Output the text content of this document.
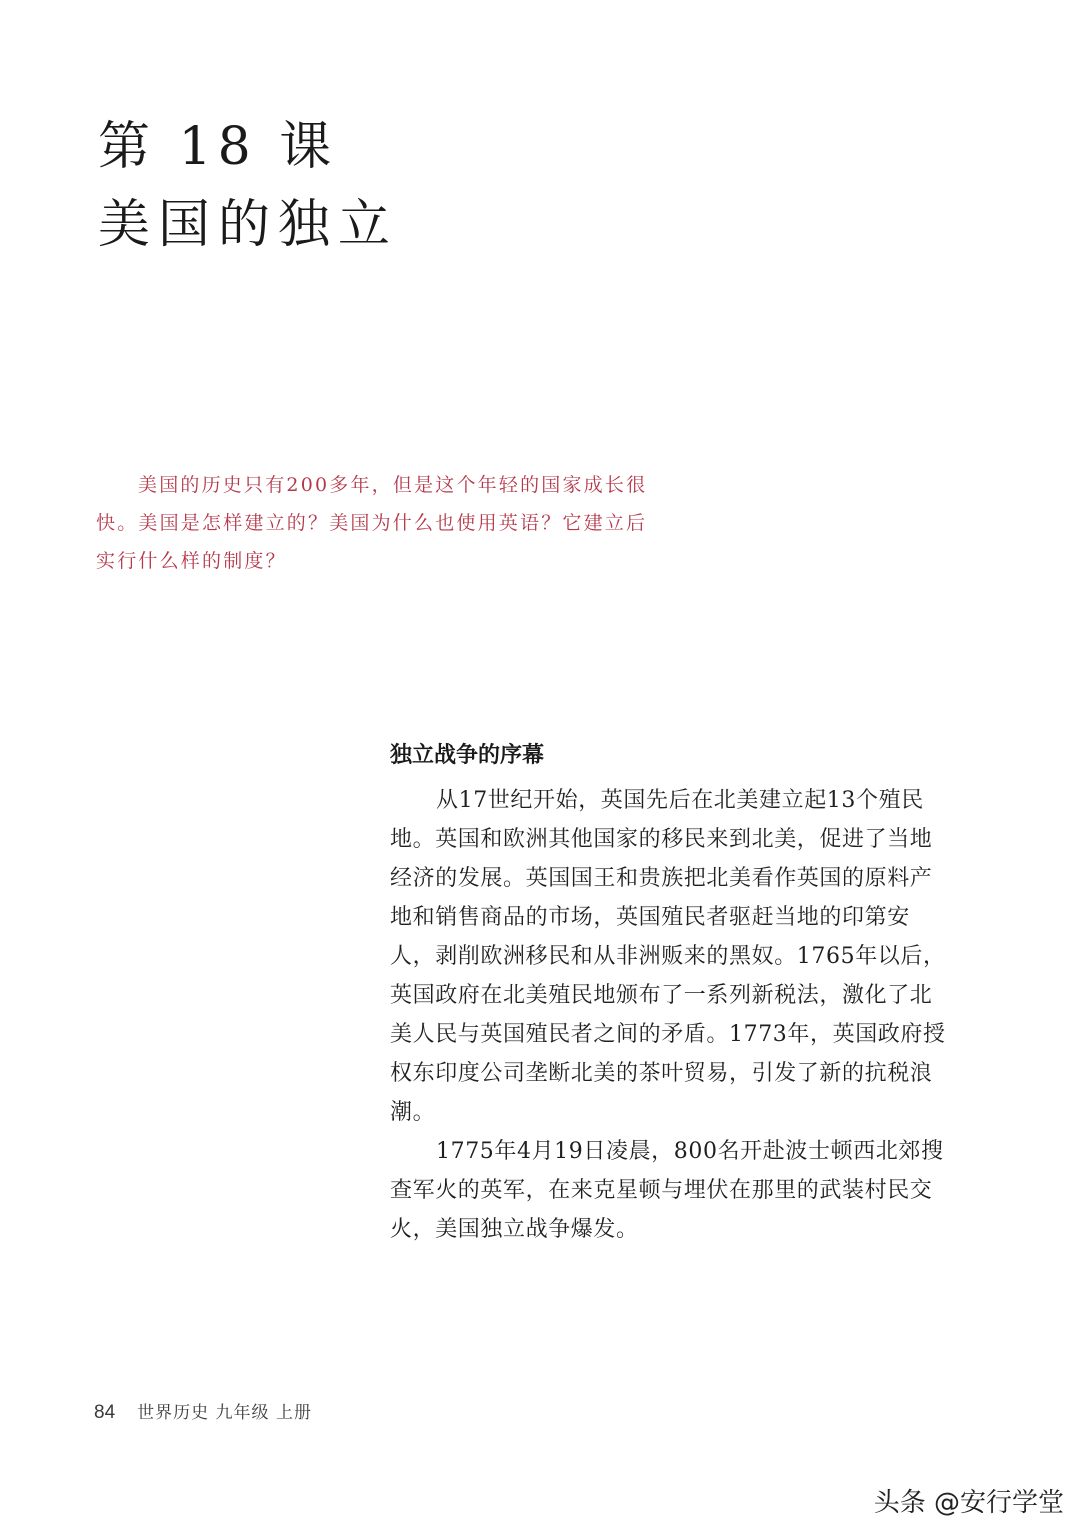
第 18 课
美国的独立

美国的历史只有200多年，但是这个年轻的国家成长很快。美国是怎样建立的？美国为什么也使用英语？它建立后实行什么样的制度？

独立战争的序幕

从17世纪开始，英国先后在北美建立起13个殖民地。英国和欧洲其他国家的移民来到北美，促进了当地经济的发展。英国国王和贵族把北美看作英国的原料产地和销售商品的市场，英国殖民者驱赶当地的印第安人，剥削欧洲移民和从非洲贩来的黑奴。1765年以后，英国政府在北美殖民地颁布了一系列新税法，激化了北美人民与英国殖民者之间的矛盾。1773年，英国政府授权东印度公司垄断北美的茶叶贸易，引发了新的抗税浪潮。

1775年4月19日凌晨，800名开赴波士顿西北郊搜查军火的英军，在来克星顿与埋伏在那里的武装村民交火，美国独立战争爆发。

84 世界历史 九年级 上册
头条 @安行学堂
